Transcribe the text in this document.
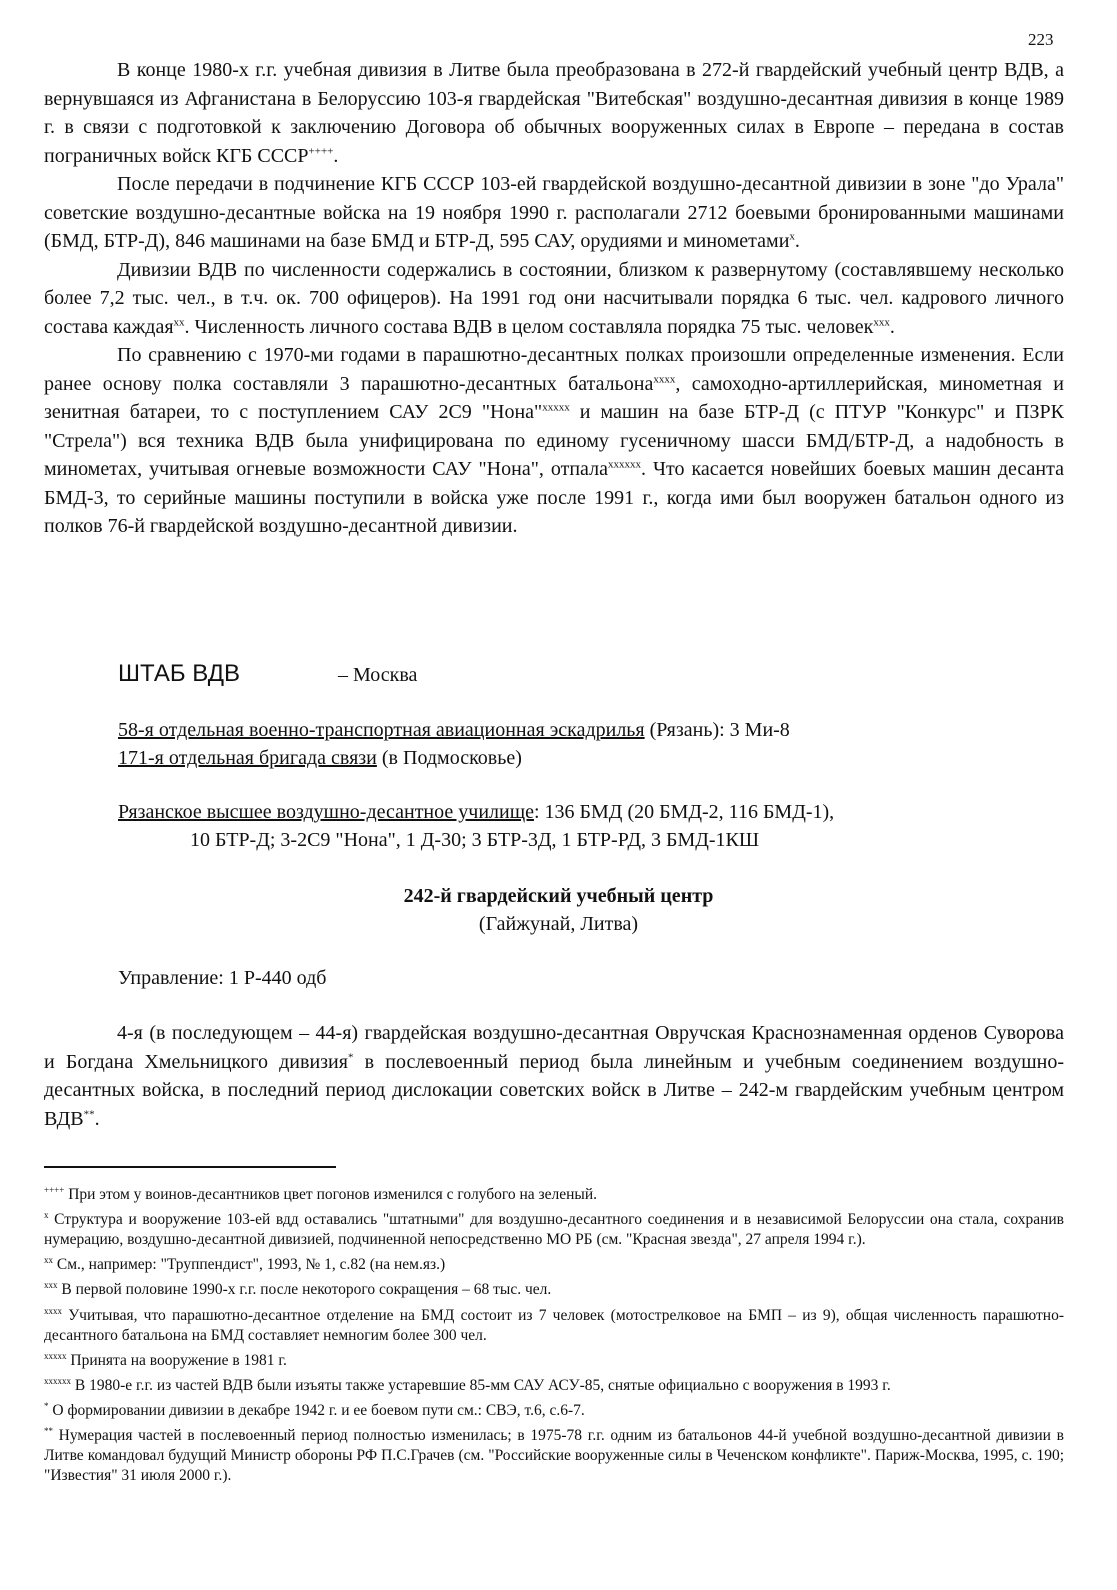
223

В конце 1980-х г.г. учебная дивизия в Литве была преобразована в 272-й гвардейский учебный центр ВДВ, а вернувшаяся из Афганистана в Белоруссию 103-я гвардейская "Витебская" воздушно-десантная дивизия в конце 1989 г. в связи с подготовкой к заключению Договора об обычных вооруженных силах в Европе – передана в состав пограничных войск КГБ СССР++++.

После передачи в подчинение КГБ СССР 103-ей гвардейской воздушно-десантной дивизии в зоне "до Урала" советские воздушно-десантные войска на 19 ноября 1990 г. располагали 2712 боевыми бронированными машинами (БМД, БТР-Д), 846 машинами на базе БМД и БТР-Д, 595 САУ, орудиями и минометами$^x$.

Дивизии ВДВ по численности содержались в состоянии, близком к развернутому (составлявшему несколько более 7,2 тыс. чел., в т.ч. ок. 700 офицеров). На 1991 год они насчитывали порядка 6 тыс. чел. кадрового личного состава каждая$^{xx}$. Численность личного состава ВДВ в целом составляла порядка 75 тыс. человек$^{xxx}$.

По сравнению с 1970-ми годами в парашютно-десантных полках произошли определенные изменения. Если ранее основу полка составляли 3 парашютно-десантных батальона$^{xxxx}$, самоходно-артиллерийская, минометная и зенитная батареи, то с поступлением САУ 2С9 "Нона"$^{xxxxx}$ и машин на базе БТР-Д (с ПТУР "Конкурс" и ПЗРК "Стрела") вся техника ВДВ была унифицирована по единому гусеничному шасси БМД/БТР-Д, а надобность в минометах, учитывая огневые возможности САУ "Нона", отпала$^{xxxxxx}$. Что касается новейших боевых машин десанта БМД-3, то серийные машины поступили в войска уже после 1991 г., когда ими был вооружен батальон одного из полков 76-й гвардейской воздушно-десантной дивизии.

ШТАБ ВДВ	– Москва
58-я отдельная военно-транспортная авиационная эскадрилья (Рязань): 3 Ми-8
171-я отдельная бригада связи (в Подмосковье)
Рязанское высшее воздушно-десантное училище: 136 БМД (20 БМД-2, 116 БМД-1),
10 БТР-Д; 3-2С9 "Нона", 1 Д-30; 3 БТР-3Д, 1 БТР-РД, 3 БМД-1КШ
242-й гвардейский учебный центр
(Гайжунай, Литва)
Управление: 1 Р-440 одб

4-я (в последующем – 44-я) гвардейская воздушно-десантная Овручская Краснознаменная орденов Суворова и Богдана Хмельницкого дивизия* в послевоенный период была линейным и учебным соединением воздушно-десантных войска, в последний период дислокации советских войск в Литве – 242-м гвардейским учебным центром ВДВ**.

++++ При этом у воинов-десантников цвет погонов изменился с голубого на зеленый.

$^x$ Структура и вооружение 103-ей вдд оставались "штатными" для воздушно-десантного соединения и в независимой Белоруссии она стала, сохранив нумерацию, воздушно-десантной дивизией, подчиненной непосредственно МО РБ (см. "Красная звезда", 27 апреля 1994 г.).

$^{xx}$ См., например: "Труппендист", 1993, № 1, с.82 (на нем.яз.)

$^{xxx}$ В первой половине 1990-х г.г. после некоторого сокращения – 68 тыс. чел.

$^{xxxx}$ Учитывая, что парашютно-десантное отделение на БМД состоит из 7 человек (мотострелковое на БМП – из 9), общая численность парашютно-десантного батальона на БМД составляет немногим более 300 чел.

$^{xxxxx}$ Принята на вооружение в 1981 г.

$^{xxxxxx}$ В 1980-е г.г. из частей ВДВ были изъяты также устаревшие 85-мм САУ АСУ-85, снятые официально с вооружения в 1993 г.

* О формировании дивизии в декабре 1942 г. и ее боевом пути см.: СВЭ, т.6, с.6-7.

** Нумерация частей в послевоенный период полностью изменилась; в 1975-78 г.г. одним из батальонов 44-й учебной воздушно-десантной дивизии в Литве командовал будущий Министр обороны РФ П.С.Грачев (см. "Российские вооруженные силы в Чеченском конфликте". Париж-Москва, 1995, с. 190; "Известия" 31 июля 2000 г.).
